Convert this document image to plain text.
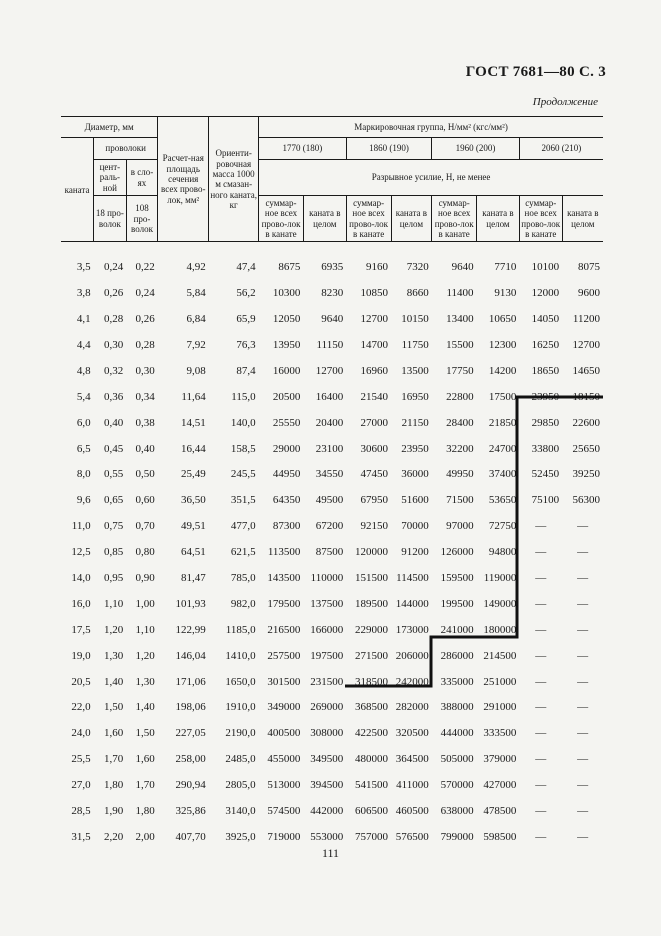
ГОСТ 7681—80 С. 3
Продолжение
Диаметр, мм			Расчет-ная площадь сечения всех прово-лок, мм²	Ориенти-ровочная масса 1000 м смазан-ного каната, кг	Маркировочная группа, Н/мм² (кгс/мм²)							
каната	проволоки				1770 (180)		1860 (190)		1960 (200)		2060 (210)	
	цент-раль-ной	в сло-ях			Разрывное усилие, Н, не менее							
	18 про-волок	108 про-волок			суммар-ное всех прово-лок в канате	каната в целом	суммар-ное всех прово-лок в канате	каната в целом	суммар-ное всех прово-лок в канате	каната в целом	суммар-ное всех прово-лок в канате	каната в целом
3,5	0,24	0,22	4,92	47,4	8675	6935	9160	7320	9640	7710	10100	8075
3,8	0,26	0,24	5,84	56,2	10300	8230	10850	8660	11400	9130	12000	9600
4,1	0,28	0,26	6,84	65,9	12050	9640	12700	10150	13400	10650	14050	11200
4,4	0,30	0,28	7,92	76,3	13950	11150	14700	11750	15500	12300	16250	12700
4,8	0,32	0,30	9,08	87,4	16000	12700	16960	13500	17750	14200	18650	14650
5,4	0,36	0,34	11,64	115,0	20500	16400	21540	16950	22800	17500	23950	18150
6,0	0,40	0,38	14,51	140,0	25550	20400	27000	21150	28400	21850	29850	22600
6,5	0,45	0,40	16,44	158,5	29000	23100	30600	23950	32200	24700	33800	25650
8,0	0,55	0,50	25,49	245,5	44950	34550	47450	36000	49950	37400	52450	39250
9,6	0,65	0,60	36,50	351,5	64350	49500	67950	51600	71500	53650	75100	56300
11,0	0,75	0,70	49,51	477,0	87300	67200	92150	70000	97000	72750	—	—
12,5	0,85	0,80	64,51	621,5	113500	87500	120000	91200	126000	94800	—	—
14,0	0,95	0,90	81,47	785,0	143500	110000	151500	114500	159500	119000	—	—
16,0	1,10	1,00	101,93	982,0	179500	137500	189500	144000	199500	149000	—	—
17,5	1,20	1,10	122,99	1185,0	216500	166000	229000	173000	241000	180000	—	—
19,0	1,30	1,20	146,04	1410,0	257500	197500	271500	206000	286000	214500	—	—
20,5	1,40	1,30	171,06	1650,0	301500	231500	318500	242000	335000	251000	—	—
22,0	1,50	1,40	198,06	1910,0	349000	269000	368500	282000	388000	291000	—	—
24,0	1,60	1,50	227,05	2190,0	400500	308000	422500	320500	444000	333500	—	—
25,5	1,70	1,60	258,00	2485,0	455000	349500	480000	364500	505000	379000	—	—
27,0	1,80	1,70	290,94	2805,0	513000	394500	541500	411000	570000	427000	—	—
28,5	1,90	1,80	325,86	3140,0	574500	442000	606500	460500	638000	478500	—	—
31,5	2,20	2,00	407,70	3925,0	719000	553000	757000	576500	799000	598500	—	—
111
